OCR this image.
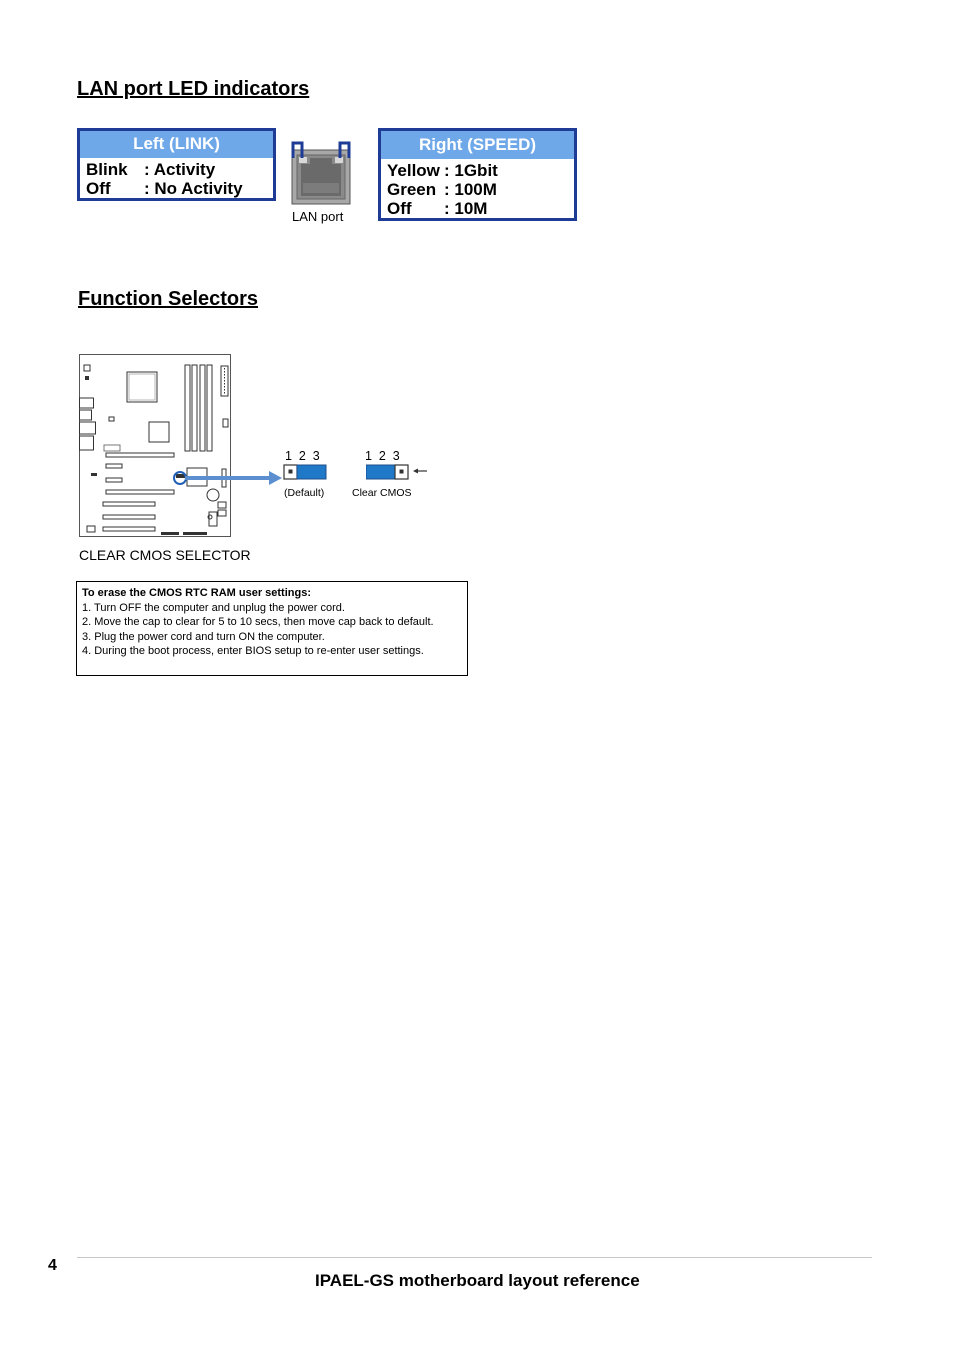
LAN port LED indicators
Left (LINK)
Blink : Activity
Off : No Activity
LAN port
Right (SPEED)
Yellow : 1Gbit
Green : 100M
Off : 10M
Function Selectors
1  2  3
(Default)
1  2  3
Clear CMOS
CLEAR CMOS SELECTOR
To erase the CMOS RTC RAM user settings:
1. Turn OFF the computer and unplug the power cord.
2. Move the cap to clear for 5 to 10 secs, then move cap back to default.
3. Plug the power cord and turn ON the computer.
4. During the boot process, enter BIOS setup to re-enter user settings.
4
IPAEL-GS motherboard layout reference
